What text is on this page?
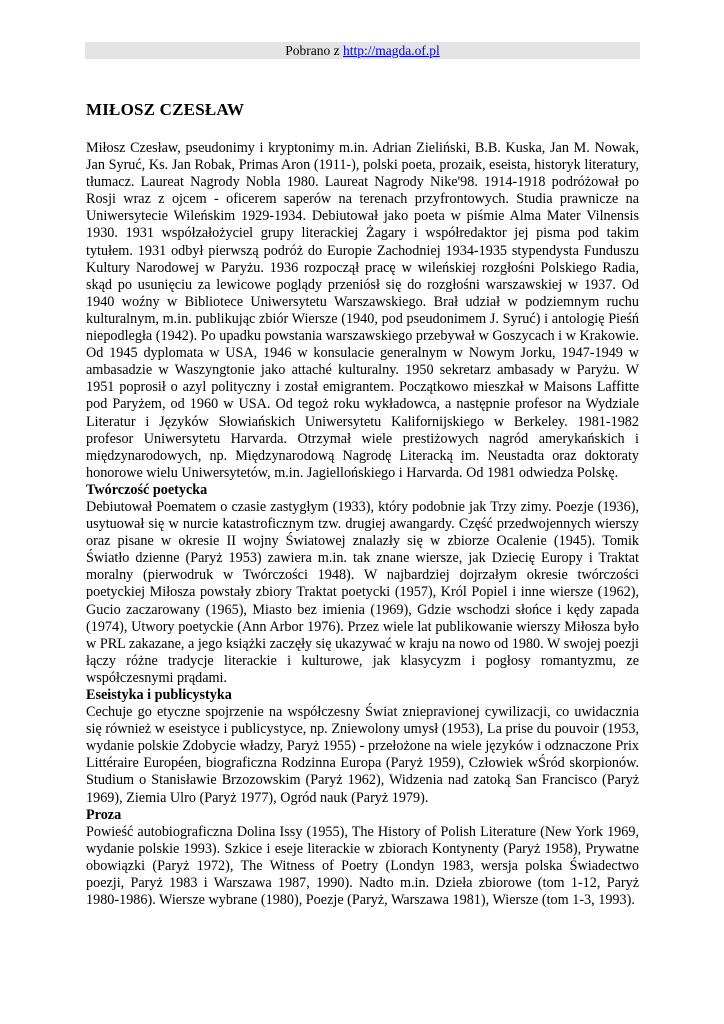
Pobrano z http://magda.of.pl
MIŁOSZ CZESŁAW

Miłosz Czesław, pseudonimy i kryptonimy m.in. Adrian Zieliński, B.B. Kuska, Jan M. Nowak, Jan Syruć, Ks. Jan Robak, Primas Aron (1911-), polski poeta, prozaik, eseista, historyk literatury, tłumacz. Laureat Nagrody Nobla 1980. Laureat Nagrody Nike'98. 1914-1918 podróżował po Rosji wraz z ojcem - oficerem saperów na terenach przyfrontowych. Studia prawnicze na Uniwersytecie Wileńskim 1929-1934. Debiutował jako poeta w piśmie Alma Mater Vilnensis 1930. 1931 współzałożyciel grupy literackiej Żagary i współredaktor jej pisma pod takim tytułem. 1931 odbył pierwszą podróż do Europie Zachodniej 1934-1935 stypendysta Funduszu Kultury Narodowej w Paryżu. 1936 rozpoczął pracę w wileńskiej rozgłośni Polskiego Radia, skąd po usunięciu za lewicowe poglądy przeniósł się do rozgłośni warszawskiej w 1937. Od 1940 woźny w Bibliotece Uniwersytetu Warszawskiego. Brał udział w podziemnym ruchu kulturalnym, m.in. publikując zbiór Wiersze (1940, pod pseudonimem J. Syruć) i antologię Pieśń niepodległa (1942). Po upadku powstania warszawskiego przebywał w Goszycach i w Krakowie. Od 1945 dyplomata w USA, 1946 w konsulacie generalnym w Nowym Jorku, 1947-1949 w ambasadzie w Waszyngtonie jako attaché kulturalny. 1950 sekretarz ambasady w Paryżu. W 1951 poprosił o azyl polityczny i został emigrantem. Początkowo mieszkał w Maisons Laffitte pod Paryżem, od 1960 w USA. Od tegoż roku wykładowca, a następnie profesor na Wydziale Literatur i Języków Słowiańskich Uniwersytetu Kalifornijskiego w Berkeley. 1981-1982 profesor Uniwersytetu Harvarda. Otrzymał wiele prestiżowych nagród amerykańskich i międzynarodowych, np. Międzynarodową Nagrodę Literacką im. Neustadta oraz doktoraty honorowe wielu Uniwersytetów, m.in. Jagiellońskiego i Harvarda. Od 1981 odwiedza Polskę.

Twórczość poetycka

Debiutował Poematem o czasie zastygłym (1933), który podobnie jak Trzy zimy. Poezje (1936), usytuował się w nurcie katastroficznym tzw. drugiej awangardy. Część przedwojennych wierszy oraz pisane w okresie II wojny Światowej znalazły się w zbiorze Ocalenie (1945). Tomik Światło dzienne (Paryż 1953) zawiera m.in. tak znane wiersze, jak Dziecię Europy i Traktat moralny (pierwodruk w Twórczości 1948). W najbardziej dojrzałym okresie twórczości poetyckiej Miłosza powstały zbiory Traktat poetycki (1957), Król Popiel i inne wiersze (1962), Gucio zaczarowany (1965), Miasto bez imienia (1969), Gdzie wschodzi słońce i kędy zapada (1974), Utwory poetyckie (Ann Arbor 1976). Przez wiele lat publikowanie wierszy Miłosza było w PRL zakazane, a jego książki zaczęły się ukazywać w kraju na nowo od 1980. W swojej poezji łączy różne tradycje literackie i kulturowe, jak klasycyzm i pogłosy romantyzmu, ze współczesnymi prądami.

Eseistyka i publicystyka

Cechuje go etyczne spojrzenie na współczesny Świat zniepravionej cywilizacji, co uwidacznia się również w eseistyce i publicystyce, np. Zniewolony umysł (1953), La prise du pouvoir (1953, wydanie polskie Zdobycie władzy, Paryż 1955) - przełożone na wiele języków i odznaczone Prix Littéraire Européen, biograficzna Rodzinna Europa (Paryż 1959), Człowiek wŚród skorpionów. Studium o Stanisławie Brzozowskim (Paryż 1962), Widzenia nad zatoką San Francisco (Paryż 1969), Ziemia Ulro (Paryż 1977), Ogród nauk (Paryż 1979).

Proza

Powieść autobiograficzna Dolina Issy (1955), The History of Polish Literature (New York 1969, wydanie polskie 1993). Szkice i eseje literackie w zbiorach Kontynenty (Paryż 1958), Prywatne obowiązki (Paryż 1972), The Witness of Poetry (Londyn 1983, wersja polska Świadectwo poezji, Paryż 1983 i Warszawa 1987, 1990). Nadto m.in. Dzieła zbiorowe (tom 1-12, Paryż 1980-1986). Wiersze wybrane (1980), Poezje (Paryż, Warszawa 1981), Wiersze (tom 1-3, 1993).
